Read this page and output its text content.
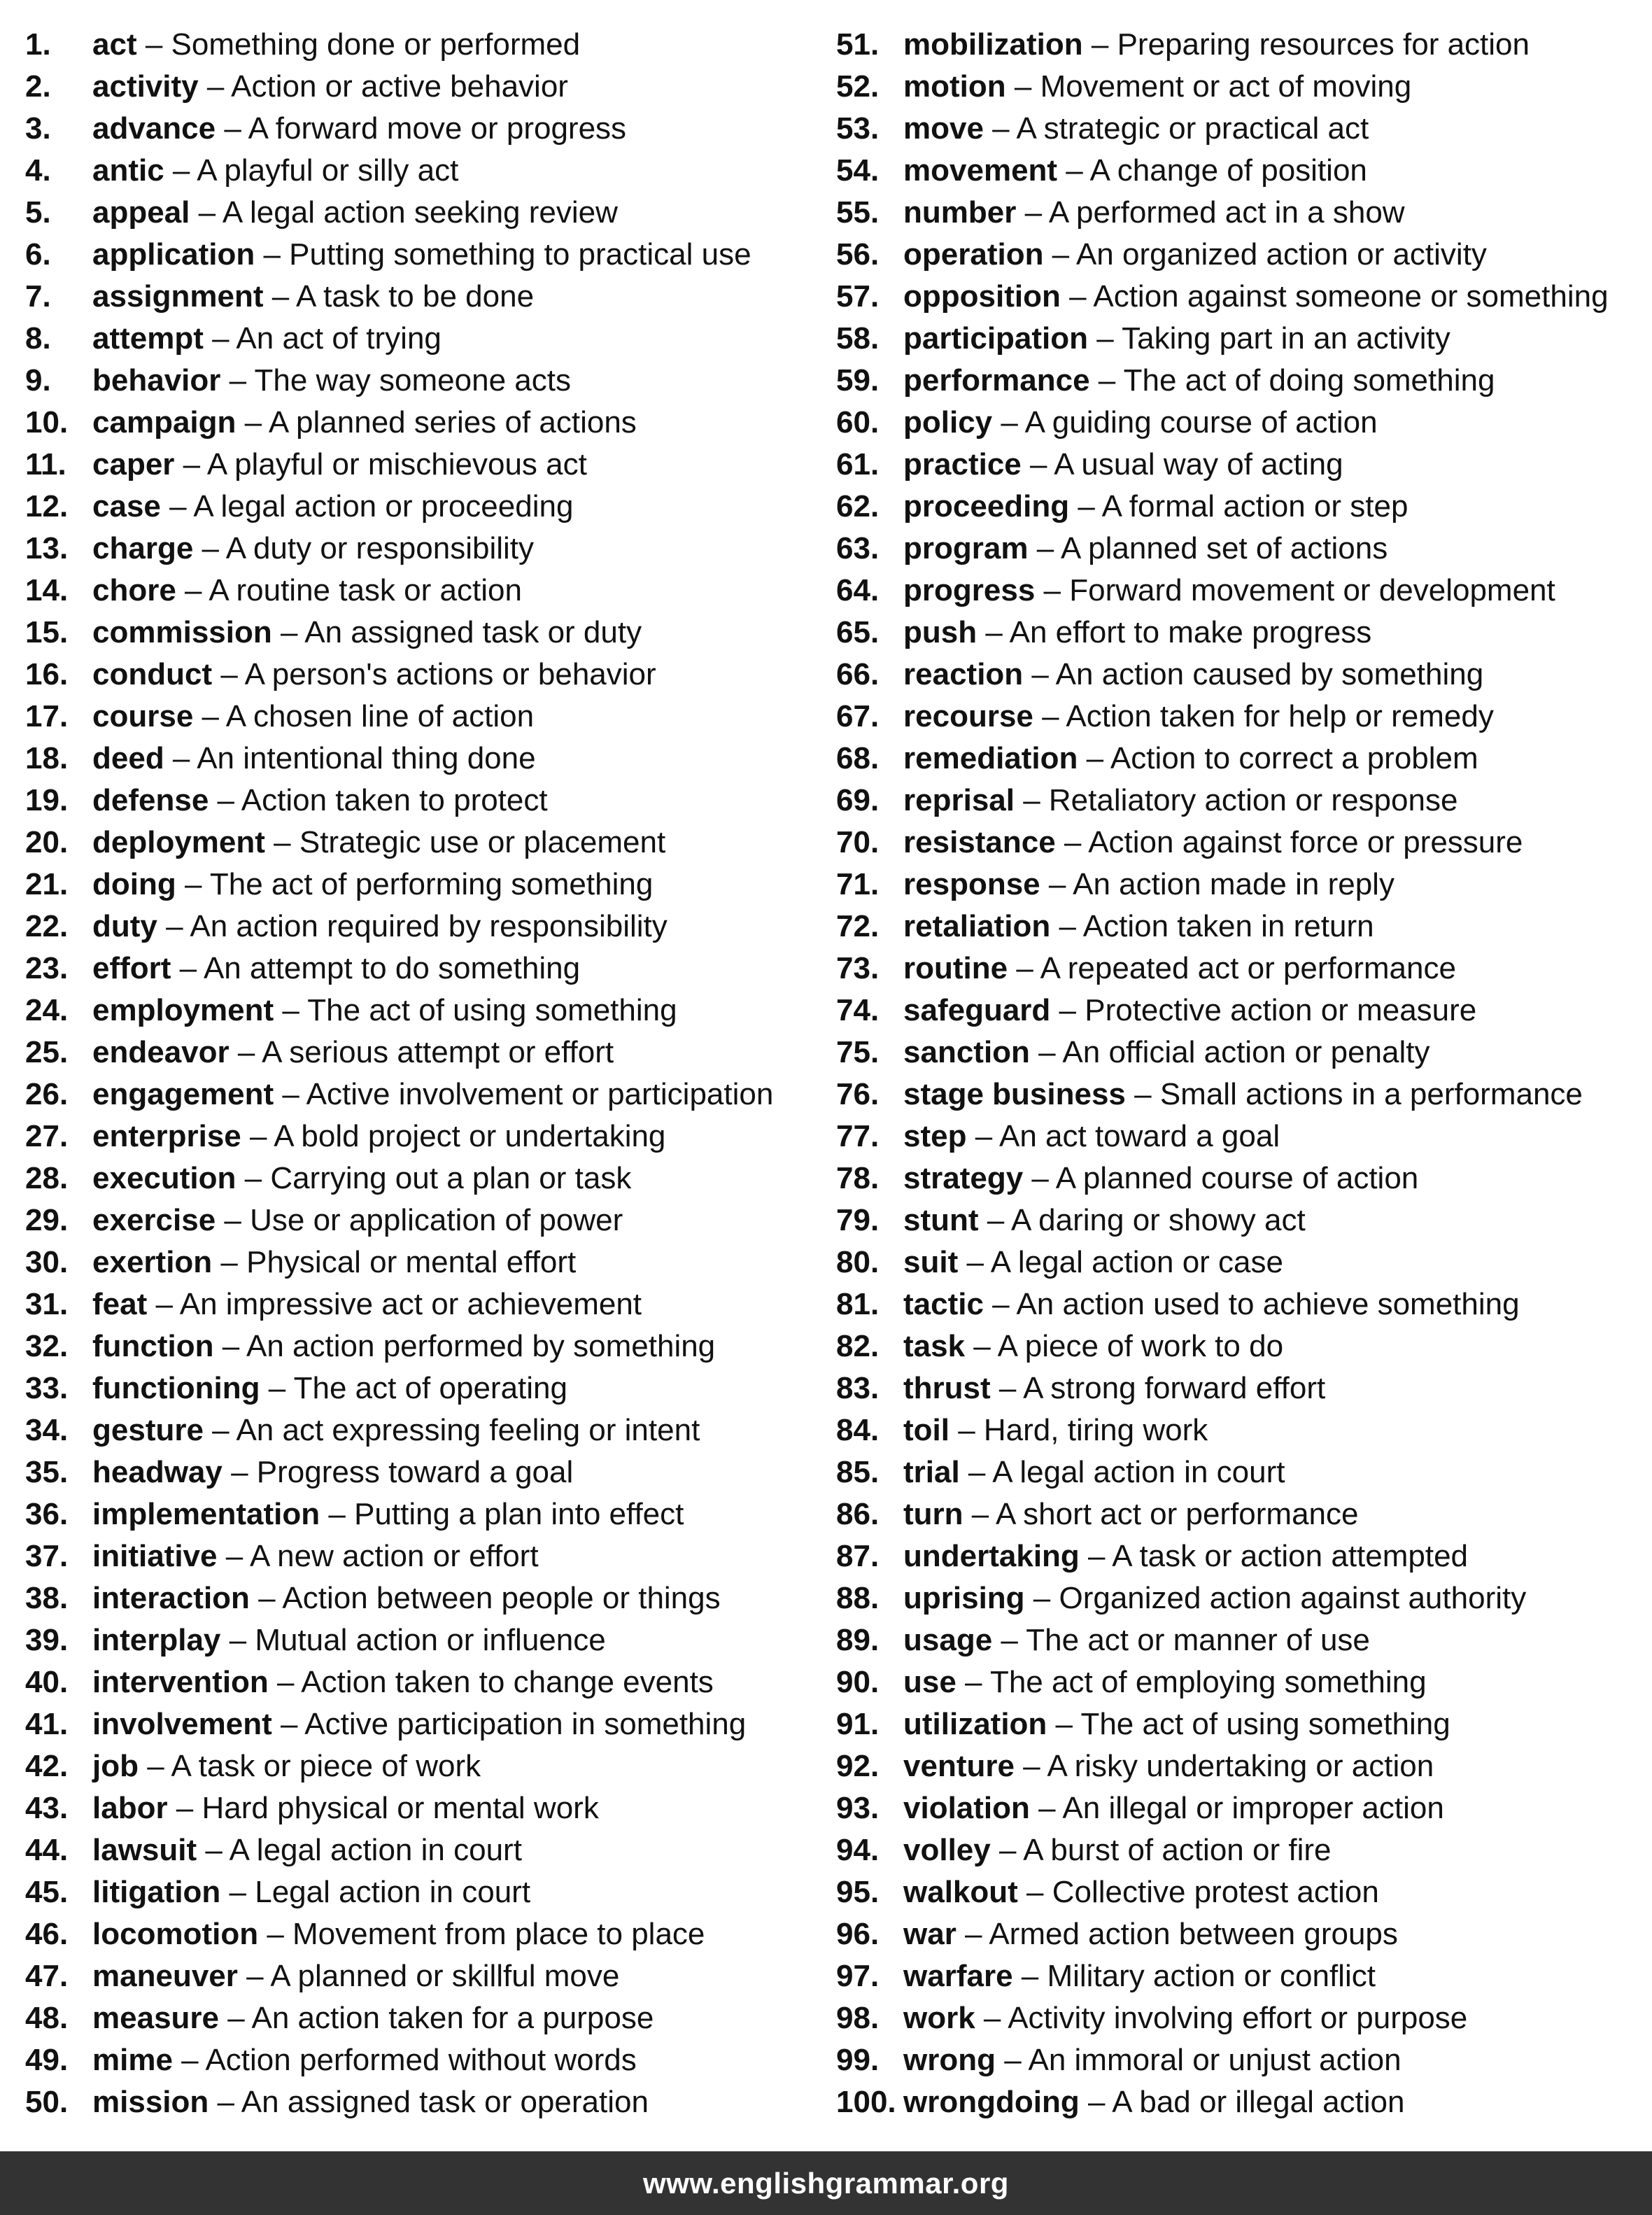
1. act – Something done or performed
2. activity – Action or active behavior
3. advance – A forward move or progress
4. antic – A playful or silly act
5. appeal – A legal action seeking review
6. application – Putting something to practical use
7. assignment – A task to be done
8. attempt – An act of trying
9. behavior – The way someone acts
10. campaign – A planned series of actions
11. caper – A playful or mischievous act
12. case – A legal action or proceeding
13. charge – A duty or responsibility
14. chore – A routine task or action
15. commission – An assigned task or duty
16. conduct – A person's actions or behavior
17. course – A chosen line of action
18. deed – An intentional thing done
19. defense – Action taken to protect
20. deployment – Strategic use or placement
21. doing – The act of performing something
22. duty – An action required by responsibility
23. effort – An attempt to do something
24. employment – The act of using something
25. endeavor – A serious attempt or effort
26. engagement – Active involvement or participation
27. enterprise – A bold project or undertaking
28. execution – Carrying out a plan or task
29. exercise – Use or application of power
30. exertion – Physical or mental effort
31. feat – An impressive act or achievement
32. function – An action performed by something
33. functioning – The act of operating
34. gesture – An act expressing feeling or intent
35. headway – Progress toward a goal
36. implementation – Putting a plan into effect
37. initiative – A new action or effort
38. interaction – Action between people or things
39. interplay – Mutual action or influence
40. intervention – Action taken to change events
41. involvement – Active participation in something
42. job – A task or piece of work
43. labor – Hard physical or mental work
44. lawsuit – A legal action in court
45. litigation – Legal action in court
46. locomotion – Movement from place to place
47. maneuver – A planned or skillful move
48. measure – An action taken for a purpose
49. mime – Action performed without words
50. mission – An assigned task or operation
51. mobilization – Preparing resources for action
52. motion – Movement or act of moving
53. move – A strategic or practical act
54. movement – A change of position
55. number – A performed act in a show
56. operation – An organized action or activity
57. opposition – Action against someone or something
58. participation – Taking part in an activity
59. performance – The act of doing something
60. policy – A guiding course of action
61. practice – A usual way of acting
62. proceeding – A formal action or step
63. program – A planned set of actions
64. progress – Forward movement or development
65. push – An effort to make progress
66. reaction – An action caused by something
67. recourse – Action taken for help or remedy
68. remediation – Action to correct a problem
69. reprisal – Retaliatory action or response
70. resistance – Action against force or pressure
71. response – An action made in reply
72. retaliation – Action taken in return
73. routine – A repeated act or performance
74. safeguard – Protective action or measure
75. sanction – An official action or penalty
76. stage business – Small actions in a performance
77. step – An act toward a goal
78. strategy – A planned course of action
79. stunt – A daring or showy act
80. suit – A legal action or case
81. tactic – An action used to achieve something
82. task – A piece of work to do
83. thrust – A strong forward effort
84. toil – Hard, tiring work
85. trial – A legal action in court
86. turn – A short act or performance
87. undertaking – A task or action attempted
88. uprising – Organized action against authority
89. usage – The act or manner of use
90. use – The act of employing something
91. utilization – The act of using something
92. venture – A risky undertaking or action
93. violation – An illegal or improper action
94. volley – A burst of action or fire
95. walkout – Collective protest action
96. war – Armed action between groups
97. warfare – Military action or conflict
98. work – Activity involving effort or purpose
99. wrong – An immoral or unjust action
100. wrongdoing – A bad or illegal action
www.englishgrammar.org
